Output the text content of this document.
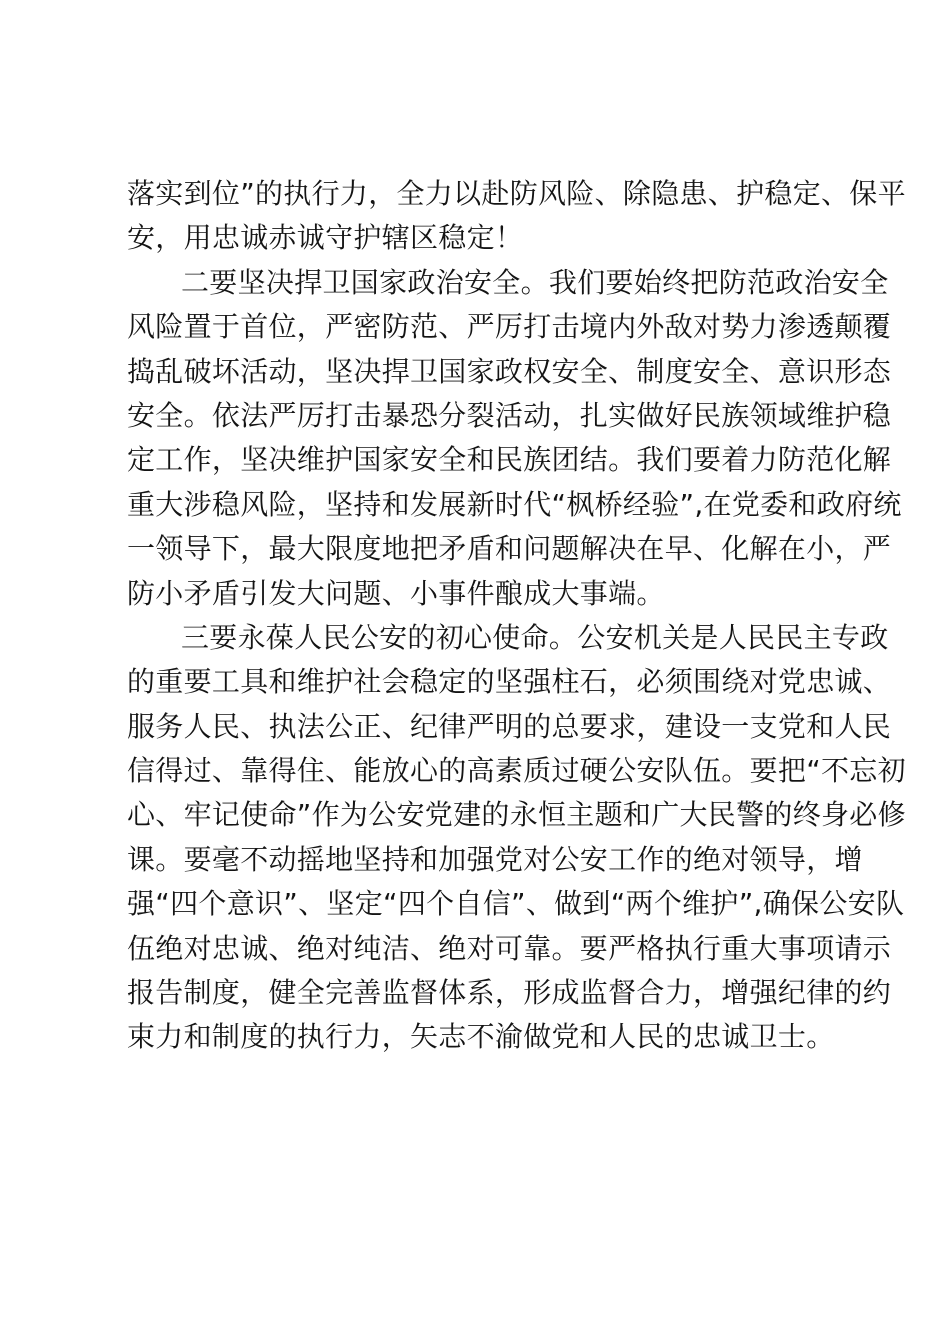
落实到位”的执行力，全力以赴防风险、除隐患、护稳定、保平
安，用忠诚赤诚守护辖区稳定！
二要坚决捍卫国家政治安全。我们要始终把防范政治安全
风险置于首位，严密防范、严厉打击境内外敌对势力渗透颠覆
捣乱破坏活动，坚决捍卫国家政权安全、制度安全、意识形态
安全。依法严厉打击暴恐分裂活动，扎实做好民族领域维护稳
定工作，坚决维护国家安全和民族团结。我们要着力防范化解
重大涉稳风险，坚持和发展新时代“枫桥经验”,在党委和政府统
一领导下，最大限度地把矛盾和问题解决在早、化解在小，严
防小矛盾引发大问题、小事件酿成大事端。
三要永葆人民公安的初心使命。公安机关是人民民主专政
的重要工具和维护社会稳定的坚强柱石，必须围绕对党忠诚、
服务人民、执法公正、纪律严明的总要求，建设一支党和人民
信得过、靠得住、能放心的高素质过硬公安队伍。要把“不忘初
心、牢记使命”作为公安党建的永恒主题和广大民警的终身必修
课。要毫不动摇地坚持和加强党对公安工作的绝对领导，增
强“四个意识”、坚定“四个自信”、做到“两个维护”,确保公安队
伍绝对忠诚、绝对纯洁、绝对可靠。要严格执行重大事项请示
报告制度，健全完善监督体系，形成监督合力，增强纪律的约
束力和制度的执行力，矢志不渝做党和人民的忠诚卫士。
